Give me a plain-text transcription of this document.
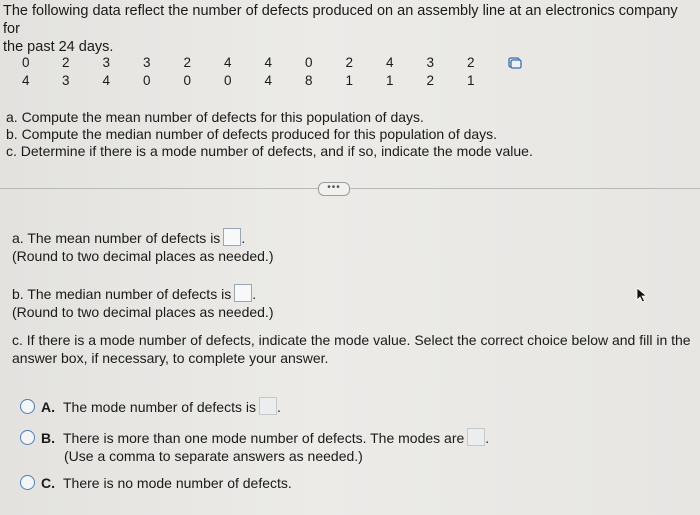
The following data reflect the number of defects produced on an assembly line at an electronics company for
the past 24 days.
0	2	3	3	2	4	4	0	2	4	3	2
4	3	4	0	0	0	4	8	1	1	2	1
a. Compute the mean number of defects for this population of days.
b. Compute the median number of defects produced for this population of days.
c. Determine if there is a mode number of defects, and if so, indicate the mode value.
•••
a. The mean number of defects is .
(Round to two decimal places as needed.)
b. The median number of defects is .
(Round to two decimal places as needed.)
c. If there is a mode number of defects, indicate the mode value. Select the correct choice below and fill in the
answer box, if necessary, to complete your answer.
A. The mode number of defects is .
B. There is more than one mode number of defects. The modes are .
(Use a comma to separate answers as needed.)
C. There is no mode number of defects.
